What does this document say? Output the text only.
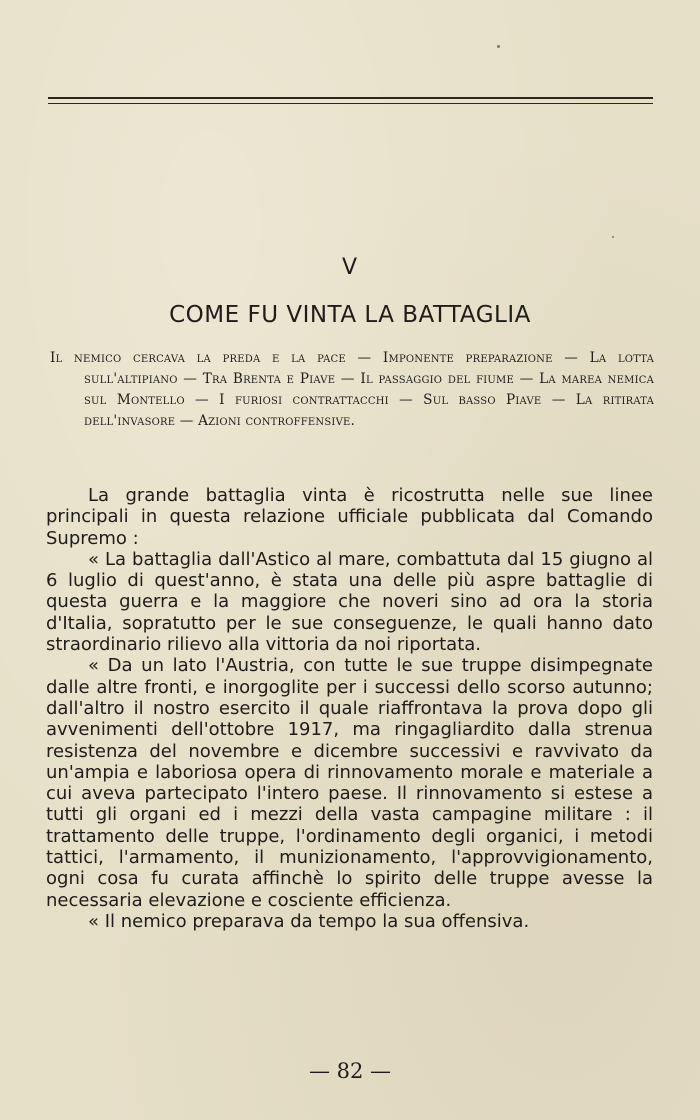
V
COME FU VINTA LA BATTAGLIA
Il nemico cercava la preda e la pace — Imponente preparazione — La lotta sull'altipiano — Tra Brenta e Piave — Il passaggio del fiume — La marea nemica sul Montello — I furiosi contrattacchi — Sul basso Piave — La ritirata dell'invasore — Azioni controffensive.

La grande battaglia vinta è ricostrutta nelle sue linee principali in questa relazione ufficiale pubblicata dal Comando Supremo :

« La battaglia dall'Astico al mare, combattuta dal 15 giugno al 6 luglio di quest'anno, è stata una delle più aspre battaglie di questa guerra e la maggiore che noveri sino ad ora la storia d'Italia, sopratutto per le sue conseguenze, le quali hanno dato straordinario rilievo alla vittoria da noi riportata.

« Da un lato l'Austria, con tutte le sue truppe disimpegnate dalle altre fronti, e inorgoglite per i successi dello scorso autunno; dall'altro il nostro esercito il quale riaffrontava la prova dopo gli avvenimenti dell'ottobre 1917, ma ringagliardito dalla strenua resistenza del novembre e dicembre successivi e ravvivato da un'ampia e laboriosa opera di rinnovamento morale e materiale a cui aveva partecipato l'intero paese. Il rinnovamento si estese a tutti gli organi ed i mezzi della vasta campagine militare : il trattamento delle truppe, l'ordinamento degli organici, i metodi tattici, l'armamento, il munizionamento, l'approvvigionamento, ogni cosa fu curata affinchè lo spirito delle truppe avesse la necessaria elevazione e cosciente efficienza.

« Il nemico preparava da tempo la sua offensiva.

— 82 —
